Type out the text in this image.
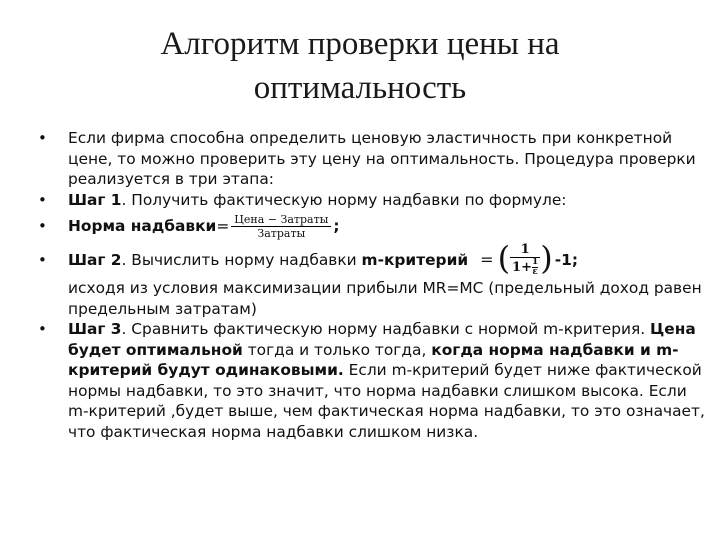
Алгоритм проверки цены на
оптимальность
•	Если фирма способна определить ценовую эластичность при конкретной цене, то можно проверить эту цену на оптимальность. Процедура проверки реализуется в три этапа:
•	Шаг 1. Получить фактическую норму надбавки по формуле:
•	Норма надбавки = $\frac{\text{Цена − Затраты}}{\text{Затраты}}$ ;
•	Шаг 2 . Вычислить норму надбавки
m-критерий = ( $\frac{1}{1+ \frac{1}{\varepsilon}}$ ) -1;
исходя из условия максимизации прибыли MR=MC (предельный доход равен предельным затратам)
•	Шаг 3. Сравнить фактическую норму надбавки с нормой m-критерия. Цена будет оптимальной тогда и только тогда, когда норма надбавки и m- критерий будут одинаковыми. Если m-критерий будет ниже фактической нормы надбавки, то это значит, что норма надбавки слишком высока. Если m-критерий ,будет выше, чем фактическая норма надбавки, то это означает, что фактическая норма надбавки слишком низка.
